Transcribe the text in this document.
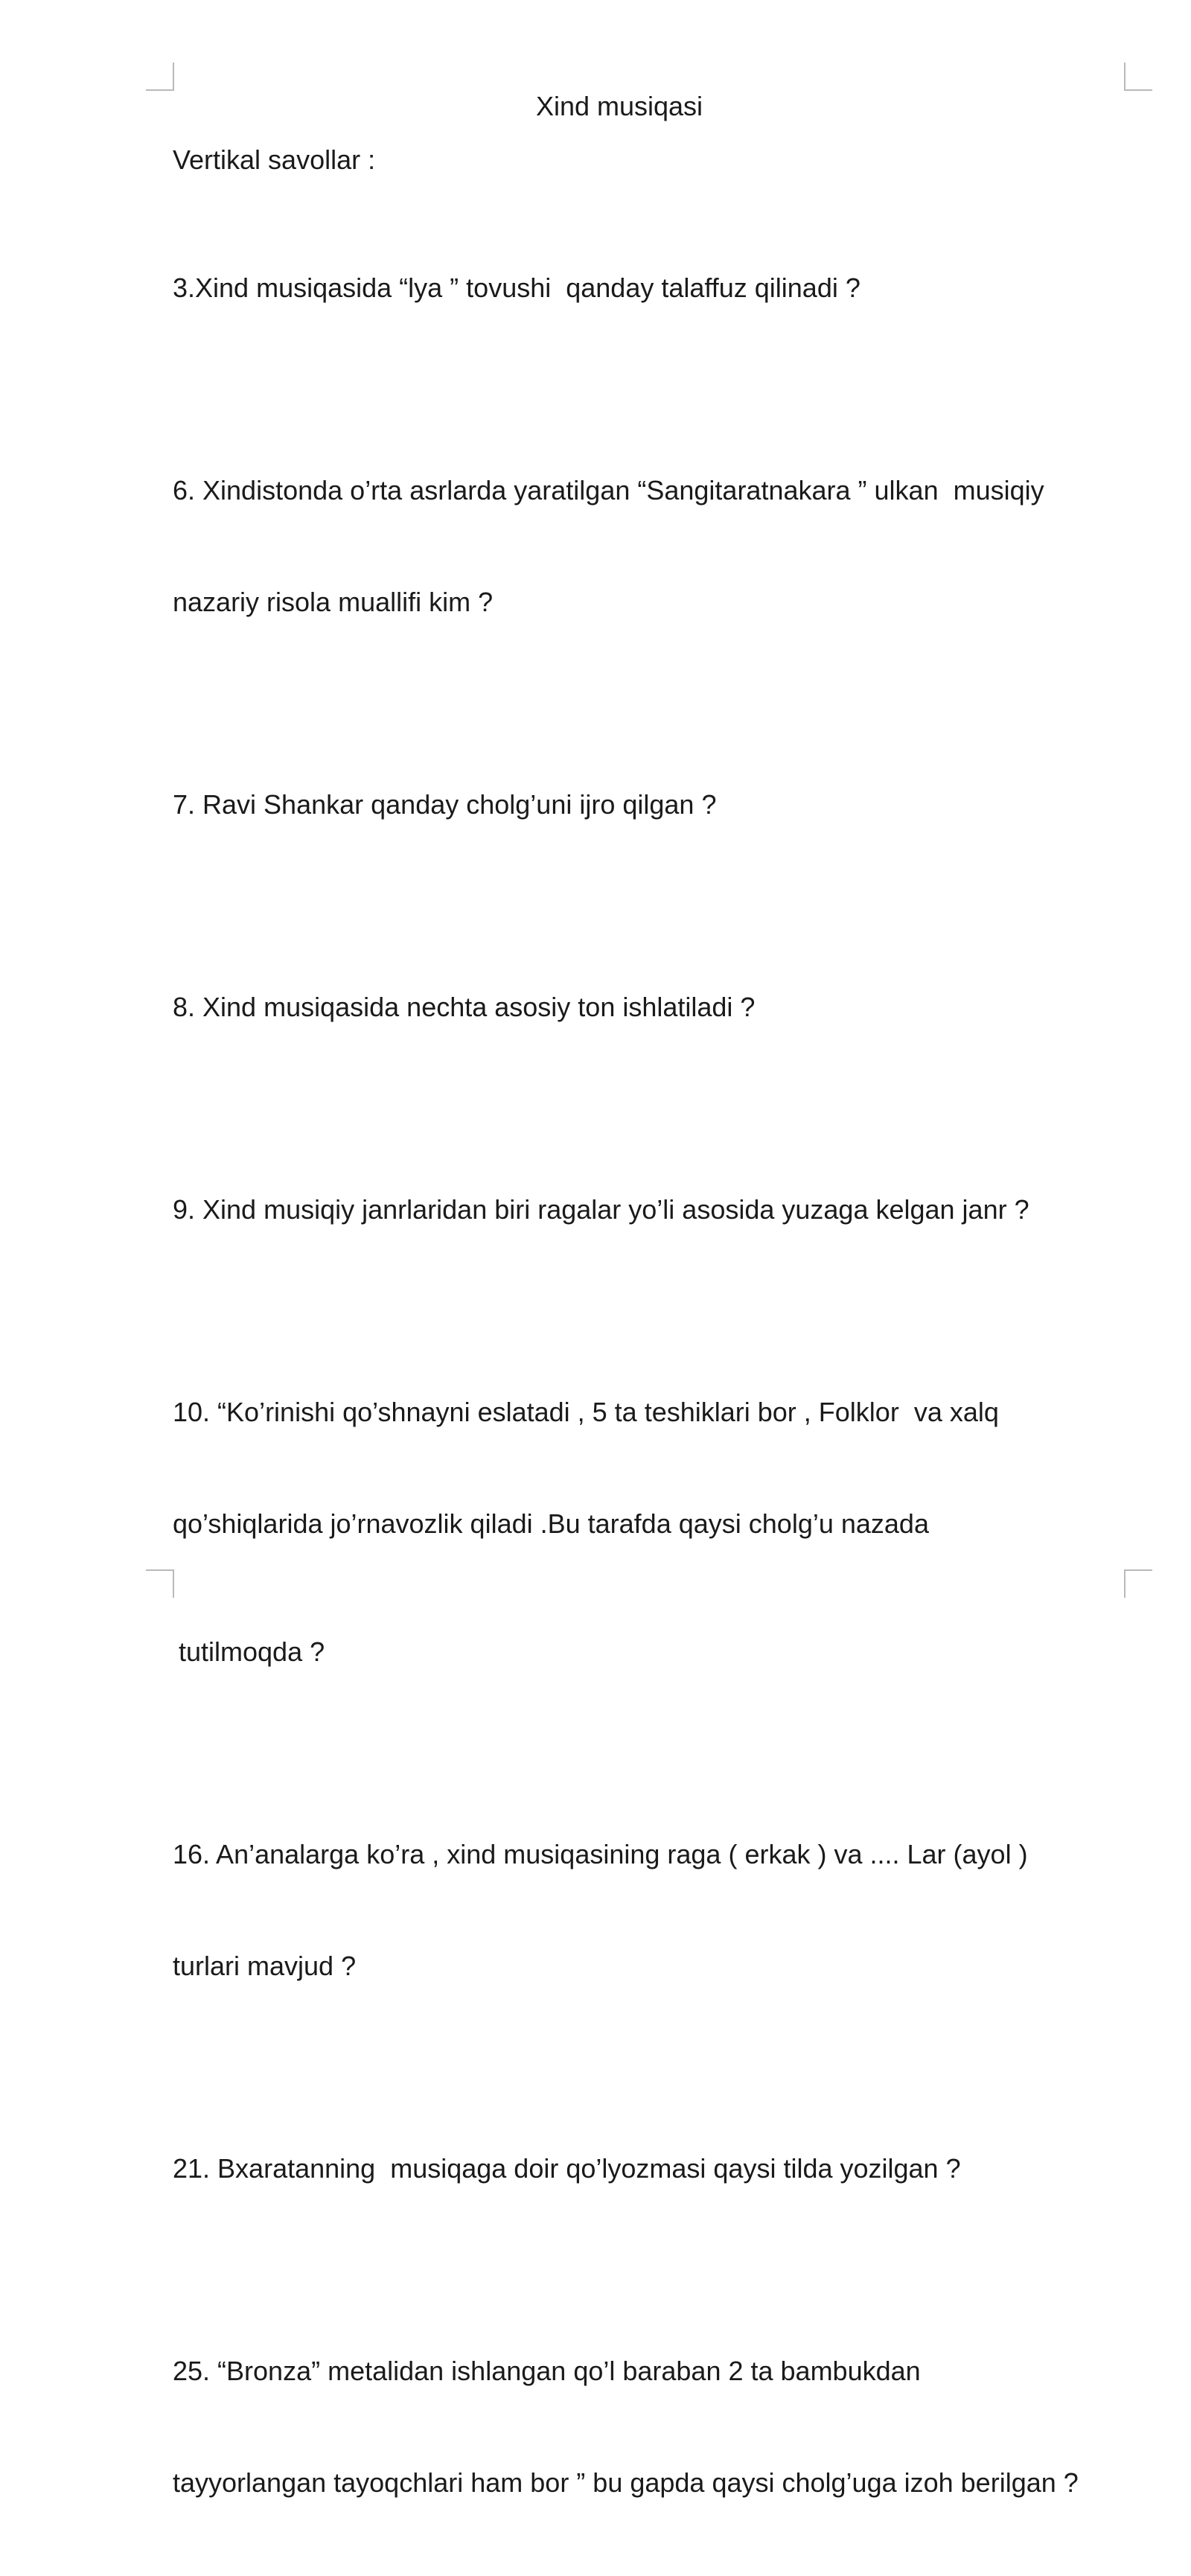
Xind musiqasi

Vertikal savollar :

3.Xind musiqasida “lya ” tovushi  qanday talaffuz qilinadi ?

6. Xindistonda o’rta asrlarda yaratilgan “Sangitaratnakara ” ulkan  musiqiy

nazariy risola muallifi kim ?

7. Ravi Shankar qanday cholg’uni ijro qilgan ?

8. Xind musiqasida nechta asosiy ton ishlatiladi ?

9. Xind musiqiy janrlaridan biri ragalar yo’li asosida yuzaga kelgan janr ?

10. “Ko’rinishi qo’shnayni eslatadi , 5 ta teshiklari bor , Folklor  va xalq

qo’shiqlarida jo’rnavozlik qiladi .Bu tarafda qaysi cholg’u nazada

tutilmoqda ?

16. An’analarga ko’ra , xind musiqasining raga ( erkak ) va .... Lar (ayol )

turlari mavjud ?

21. Bxaratanning  musiqaga doir qo’lyozmasi qaysi tilda yozilgan ?

25. “Bronza” metalidan ishlangan qo’l baraban 2 ta bambukdan

tayyorlangan tayoqchlari ham bor ” bu gapda qaysi cholg’uga izoh berilgan ?
